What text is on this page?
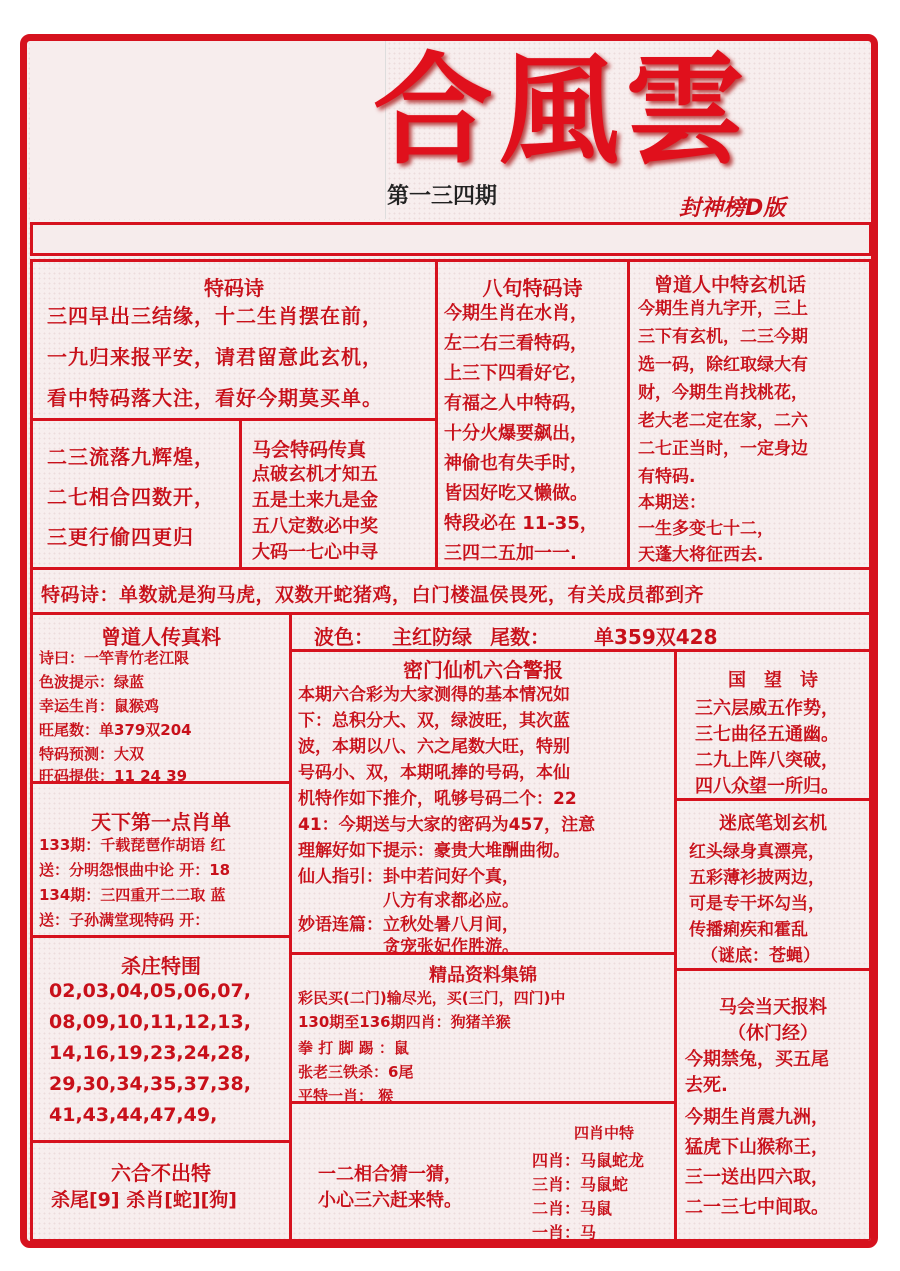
合風雲
第一三四期	封神榜D版
特码诗
三四早出三结缘，十二生肖摆在前，
一九归来报平安，请君留意此玄机，
看中特码落大注，看好今期莫买单。
二三流落九辉煌，
二七相合四数开，
三更行偷四更归
马会特码传真
点破玄机才知五
五是土来九是金
五八定数必中奖
大码一七心中寻
八句特码诗
今期生肖在水肖，
左二右三看特码，
上三下四看好它，
有福之人中特码，
十分火爆要飙出，
神偷也有失手时，
皆因好吃又懒做。
特段必在 11-35，
三四二五加一一.
曾道人中特玄机话
今期生肖九字开，三上
三下有玄机，二三今期
选一码，除红取绿大有
财，今期生肖找桃花，
老大老二定在家，二六
二七正当时，一定身边
有特码.
本期送：
一生多变七十二，
天蓬大将征西去.
特码诗：单数就是狗马虎，双数开蛇猪鸡，白门楼温侯畏死，有关成员都到齐
波色： 主红防绿 尾数： 单359双428
曾道人传真料
诗曰：一竿青竹老江限
色波提示：绿蓝
幸运生肖：鼠猴鸡
旺尾数：单379双204
特码预测：大双
旺码提供：11 24 39
天下第一点肖单
133期：千载琵琶作胡语 红
送：分明怨恨曲中论 开：18
134期：三四重开二二取 蓝
送：子孙满堂现特码 开：
杀庄特围
02,03,04,05,06,07,
08,09,10,11,12,13,
14,16,19,23,24,28,
29,30,34,35,37,38,
41,43,44,47,49,
六合不出特
杀尾[9] 杀肖[蛇][狗]
密门仙机六合警报
本期六合彩为大家测得的基本情况如
下：总积分大、双，绿波旺，其次蓝
波，本期以八、六之尾数大旺，特别
号码小、双，本期吼捧的号码，本仙
机特作如下推介，吼够号码二个：22
41：今期送与大家的密码为457，注意
理解好如下提示：豪贵大堆酬曲彻。
仙人指引：卦中若问好个真，
　　　　　八方有求都必应。
妙语连篇：立秋处暑八月间，
　　　　　贪宠张妃作胜游。
精品资料集锦
彩民买(二门)输尽光，买(三门，四门)中
130期至136期四肖：狗猪羊猴
拳 打 脚 踢 ：鼠
张老三铁杀：6尾
平特一肖： 猴
一二相合猜一猜，
小心三六赶来特。
四肖中特
四肖：马鼠蛇龙
三肖：马鼠蛇
二肖：马鼠
一肖：马
国　望　诗
三六层威五作势，
三七曲径五通幽。
二九上阵八突破，
四八众望一所归。
迷底笔划玄机
红头绿身真漂亮，
五彩薄衫披两边，
可是专干坏勾当，
传播痢疾和霍乱
（谜底：苍蝇）
马会当天报料
（休门经）
今期禁兔，买五尾
去死.
今期生肖震九洲，
猛虎下山猴称王，
三一送出四六取，
二一三七中间取。
